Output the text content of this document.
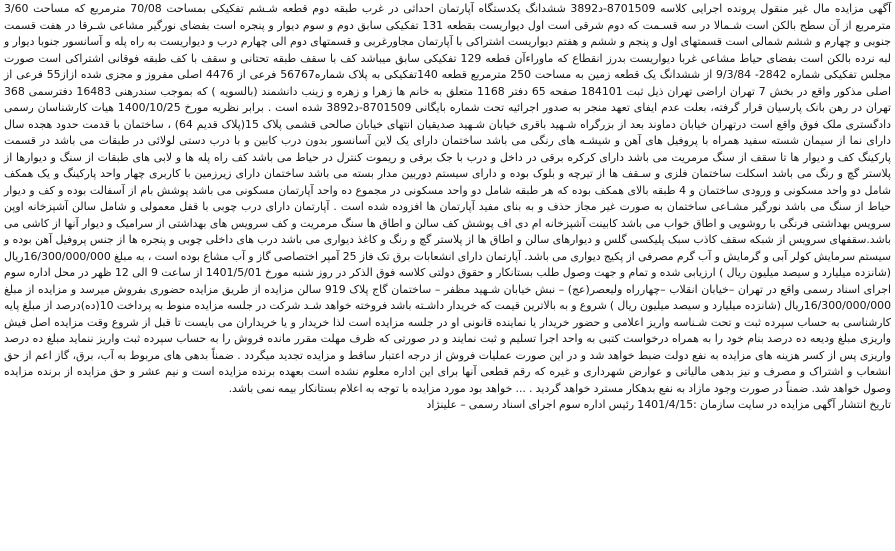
آگهی مزایده مال غیر منقول پرونده اجرایی کلاسه 8701509-د3892 ششدانگ یکدستگاه آپارتمان احداثی در غرب طبقه دوم قطعه شـشم تفکیکی بمساحت 70/08 مترمربع که مساحت 3/60 مترمربع از آن سطح بالکن است شـمالا در سه قسـمت که دوم شرقی است اول دیواریست بقطعه 131 تفکیکی سابق دوم و سوم دیوار و پنجره است بفضای نورگیر مشاعی شـرقا در هفت قسمت جنوبی و چهارم و ششم شمالی است قسمتهای اول و پنجم و ششم و هفتم دیواریست اشتراکی با آپارتمان مجاورغربی و قسمتهای دوم الی چهارم درب و دیواریست به راه پله و آسانسور جنوبا دیوار و لبه نرده بالکن است بفضای حیاط مشاعی غربا دیواریست بدرز انقطاع که ماوراءآن قطعه 129 تفکیکی سابق میباشد کف با سقف طبقه تحتانی و سقف با کف طبقه فوقانی اشتراکی است صورت مجلس تفکیکی شماره 2842- 9/3/84 از ششدانگ یک قطعه زمین به مساحت 250 مترمربع قطعه 140تفکیکی به پلاک شماره56767 فرعی از 4476 اصلی مفروز و مجزی شده ازاز55 فرعی از اصلی مذکور واقع در بخش 7 تهران اراضی تهران ذیل ثبت 184101 صفحه 65 دفتر 1168 متعلق به خانم ها زهرا و زهره و زینب دانشمند (بالسویه ) که بموجب سندرهنی 16483 دفترسمی 368 تهران در رهن بانک پارسیان قرار گرفته، بعلت عدم ایفای تعهد منجر به صدور اجرائیه تحت شماره بایگانی 8701509-د3892 شده است . برابر نظریه مورخ 1400/10/25 هیات کارشناسان رسمی دادگستری ملک فوق واقع است درتهران خیابان دماوند بعد از بزرگراه شـهید باقری خیابان شـهید صدیقیان انتهای خیابان صالحی قشمی پلاک 15(پلاک قدیم 64) ، ساختمان با قدمت حدود هجده سال دارای نما از سیمان شسته سفید همراه با پروفیل های آهن و شیشـه های رنگی می باشد ساختمان دارای یک لاین آسانسور بدون درب کابین و با درب دستی لولائی در طبقات می باشد در قسمت پارکینگ کف و دیوار ها تا سقف از سنگ مرمریت می باشد دارای کرکره برقی در داخل و درب با جک برقی و ریموت کنترل در حیاط می باشد کف راه پله ها و لابی های طبقات از سنگ و دیوارها از پلاستر گچ و رنگ می باشد اسکلت ساختمان فلزی و سـقف ها از تیرچه و بلوک بوده و دارای سیستم دوربین مدار بسته می باشد ساختمان دارای زیرزمین با کاربری چهار واحد پارکینگ و یک همکف شامل دو واحد مسکونی و ورودی ساختمان و 4 طبقه بالای همکف بوده که هر طبقه شامل دو واحد مسکونی در مجموع ده واحد آپارتمان مسکونی می باشد پوشش بام از آسفالت بوده و کف و دیوار حیاط از سنگ می باشد نورگیر مشـاعی ساختمان به صورت غیر مجاز حذف و به بنای مفید آپارتمان ها افزوده شده است . آپارتمان دارای درب چوبی با قفل معمولی و شامل سالن آشپزخانه اوپن سرویس بهداشتی فرنگی با روشویی و اطاق خواب می باشد کابینت آشپزخانه ام دی اف پوشش کف سالن و اطاق ها سنگ مرمریت و کف سرویس های بهداشتی از سرامیک و دیوار آنها از کاشی می باشد.سقفهای سرویس از شبکه سقف کاذب سبک پلیکسی گلس و دیوارهای سالن و اطاق ها از پلاستر گچ و رنگ و کاغذ دیواری می باشد درب های داخلی چوبی و پنجره ها از جنس پروفیل آهن بوده و سیستم سرمایش کولر آبی و گرمایش و آب گرم مصرفی از پکیج دیواری می باشد. آپارتمان دارای انشعابات برق تک فاز 25 آمپر اختصاصی گاز و آب مشاع بوده است ، به مبلغ 16/300/000/000ریال (شانزده میلیارد و سیصد میلیون ریال ) ارزیابی شده و تمام و جهت وصول طلب بستانکار و حقوق دولتی کلاسه فوق الذکر در روز شنبه مورخ 1401/5/01 از ساعت 9 الی 12 ظهر در محل اداره سوم اجرای اسناد رسمی واقع در تهران –خیابان انقلاب –چهارراه ولیعصر(عج) – نبش خیابان شـهید مظفر – ساختمان گاج پلاک 919 سالن مزایده از طریق مزایده حضوری بفروش میرسد و مزایده از مبلغ 16/300/000/000ریال (شانزده میلیارد و سیصد میلیون ریال ) شروع و به بالاترین قیمت که خریدار داشـته باشد فروخته خواهد شـد شرکت در جلسه مزایده منوط به پرداخت 10(ده)درصد از مبلغ پایه کارشناسی به حساب سپرده ثبت و تحت شـناسه واریز اعلامی و حضور خریدار یا نماینده قانونی او در جلسه مزایده است لذا خریدار و یا خریداران می بایست تا قبل از شروع وقت مزایده اصل فیش واریزی مبلغ ودیعه ده درصد بنام خود را به همراه درخواست کتبی به واحد اجرا تسلیم و ثبت نمایند و در صورتی که ظرف مهلت مقرر مانده فروش را به حساب سپرده ثبت واریز ننماید مبلغ ده درصد واریزی پس از کسر هزینه های مزایده به نفع دولت ضبط خواهد شد و در این صورت عملیات فروش از درجه اعتبار ساقط و مزایده تجدید میگردد . ضمناً بدهی های مربوط به آب، برق، گاز اعم از حق انشعاب و اشتراک و مصرف و نیز بدهی مالیاتی و عوارض شهرداری و غیره که رقم قطعی آنها برای این اداره معلوم نشده است بعهده برنده مزایده است و نیم عشر و حق مزایده از برنده مزایده وصول خواهد شد. ضمناً در صورت وجود مازاد به نفع بدهکار مسترد خواهد گردید . ... خواهد بود مورد مزایده با توجه به اعلام بستانکار بیمه نمی باشد.

تاریخ انتشار آگهی مزایده در سایت سازمان :1401/4/15 رئیس اداره سوم اجرای اسناد رسمی – علینژاد
